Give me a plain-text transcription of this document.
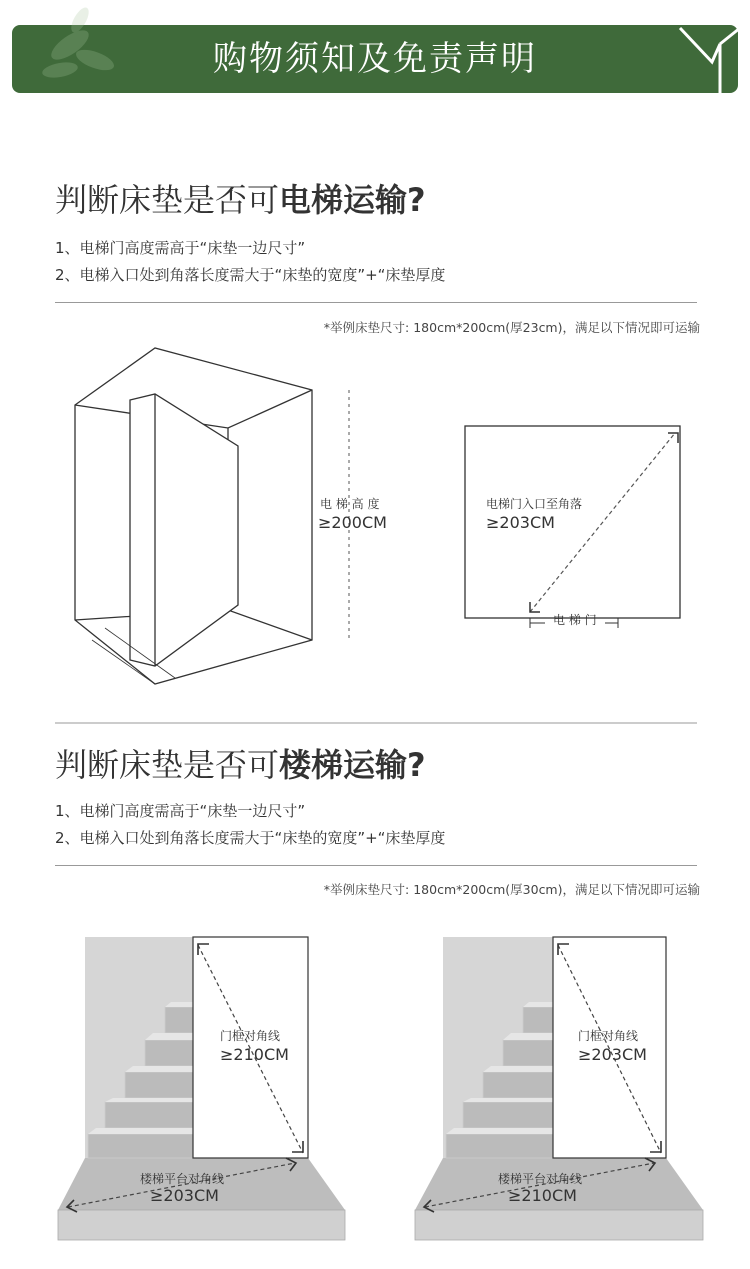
购物须知及免责声明
判断床垫是否可电梯运输?
1、电梯门高度需高于“床垫一边尺寸”
2、电梯入口处到角落长度需大于“床垫的宽度”+“床垫厚度
*举例床垫尺寸: 180cm*200cm(厚23cm)，满足以下情况即可运输
电 梯 高 度
≥200CM
电梯门入口至角落
≥203CM
电 梯 门
判断床垫是否可楼梯运输?
1、电梯门高度需高于“床垫一边尺寸”
2、电梯入口处到角落长度需大于“床垫的宽度”+“床垫厚度
*举例床垫尺寸: 180cm*200cm(厚30cm)，满足以下情况即可运输
门框对角线
≥210CM
楼梯平台对角线
≥203CM
门框对角线
≥203CM
楼梯平台对角线
≥210CM
